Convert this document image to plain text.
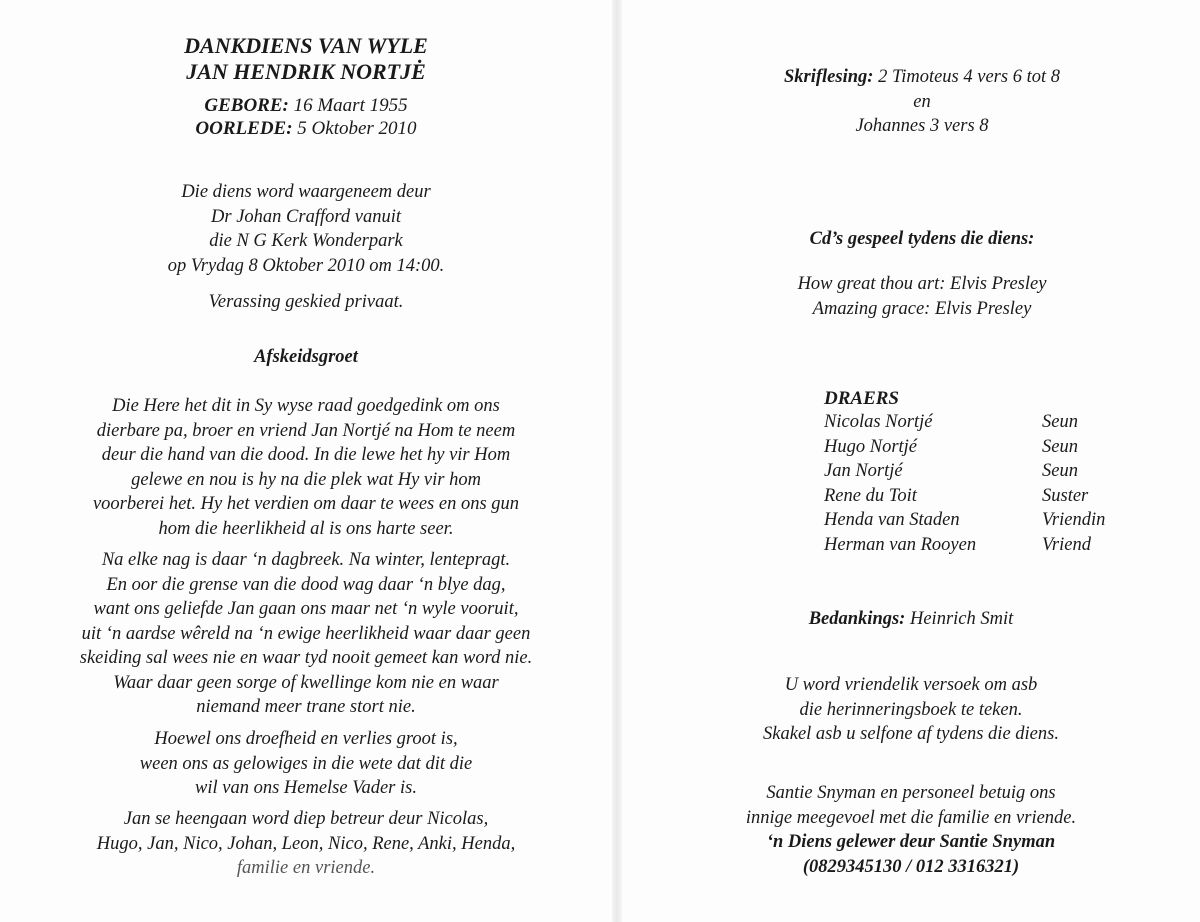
DANKDIENS VAN WYLE
JAN HENDRIK NORTJĖ
GEBORE: 16 Maart 1955
OORLEDE: 5 Oktober 2010
Die diens word waargeneem deur
Dr Johan Crafford vanuit
die N G Kerk Wonderpark
op Vrydag 8 Oktober 2010 om 14:00.
Verassing geskied privaat.
Afskeidsgroet
Die Here het dit in Sy wyse raad goedgedink om ons
dierbare pa, broer en vriend Jan Nortjé na Hom te neem
deur die hand van die dood. In die lewe het hy vir Hom
gelewe en nou is hy na die plek wat Hy vir hom
voorberei het. Hy het verdien om daar te wees en ons gun
hom die heerlikheid al is ons harte seer.
Na elke nag is daar ‘n dagbreek. Na winter, lentepragt.
En oor die grense van die dood wag daar ‘n blye dag,
want ons geliefde Jan gaan ons maar net ‘n wyle vooruit,
uit ‘n aardse wêreld na ‘n ewige heerlikheid waar daar geen
skeiding sal wees nie en waar tyd nooit gemeet kan word nie.
Waar daar geen sorge of kwellinge kom nie en waar
niemand meer trane stort nie.
Hoewel ons droefheid en verlies groot is,
ween ons as gelowiges in die wete dat dit die
wil van ons Hemelse Vader is.
Jan se heengaan word diep betreur deur Nicolas,
Hugo, Jan, Nico, Johan, Leon, Nico, Rene, Anki, Henda,
familie en vriende.
Skriflesing: 2 Timoteus 4 vers 6 tot 8
en
Johannes 3 vers 8
Cd’s gespeel tydens die diens:
How great thou art: Elvis Presley
Amazing grace: Elvis Presley
DRAERS
Nicolas Nortjé	Seun
Hugo Nortjé	Seun
Jan Nortjé	Seun
Rene du Toit	Suster
Henda van Staden	Vriendin
Herman van Rooyen	Vriend
Bedankings: Heinrich Smit
U word vriendelik versoek om asb
die herinneringsboek te teken.
Skakel asb u selfone af tydens die diens.
Santie Snyman en personeel betuig ons
innige meegevoel met die familie en vriende.
‘n Diens gelewer deur Santie Snyman
(0829345130 / 012 3316321)
